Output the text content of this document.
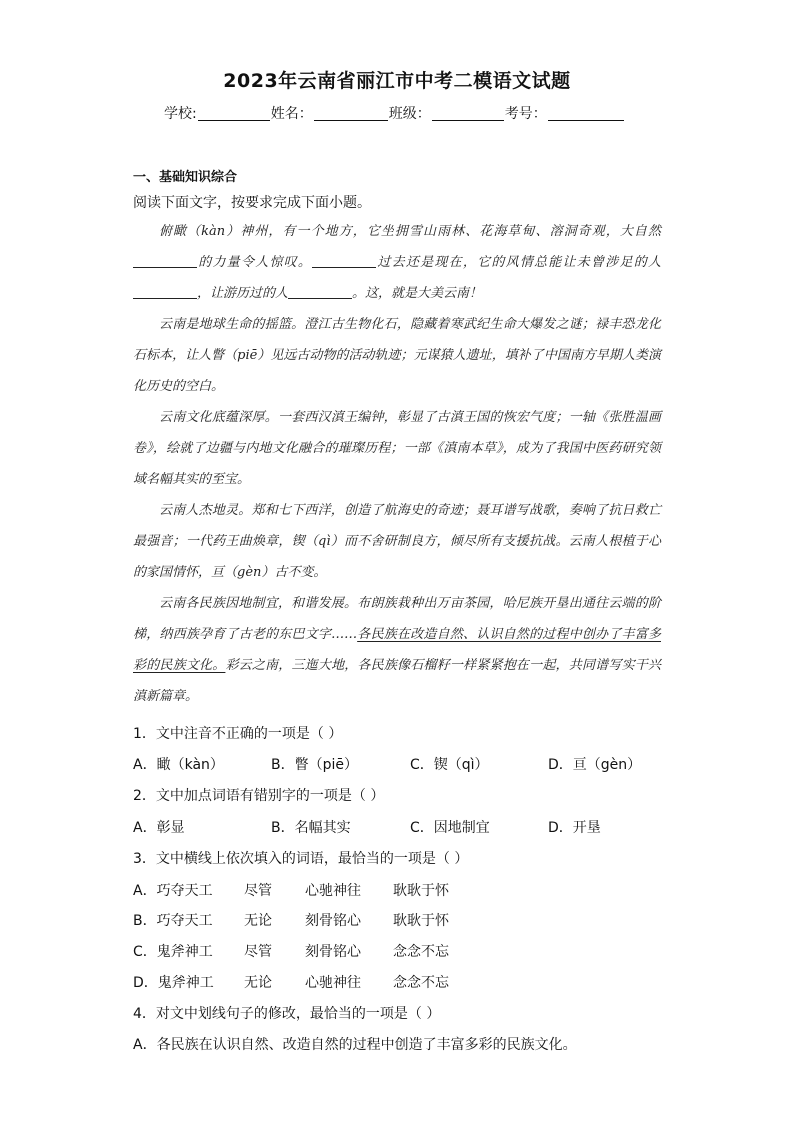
2023年云南省丽江市中考二模语文试题
学校:	姓名：	班级：	考号：
一、基础知识综合
阅读下面文字，按要求完成下面小题。

俯瞰（kàn）神州，有一个地方，它坐拥雪山雨林、花海草甸、溶洞奇观，大自然的力量令人惊叹。	过去还是现在，它的风情总能让未曾涉足的人，让游历过的人	。这，就是大美云南！

云南是地球生命的摇篮。澄江古生物化石，隐藏着寒武纪生命大爆发之谜；禄丰恐龙化石标本，让人瞥（piē）见远古动物的活动轨迹；元谋猿人遗址，填补了中国南方早期人类演化历史的空白。

云南文化底蕴深厚。一套西汉滇王编钟，彰显了古滇王国的恢宏气度；一轴《张胜温画卷》，绘就了边疆与内地文化融合的璀璨历程；一部《滇南本草》，成为了我国中医药研究领域名幅其实的至宝。

云南人杰地灵。郑和七下西洋，创造了航海史的奇迹；聂耳谱写战歌，奏响了抗日救亡最强音；一代药王曲焕章，锲（qì）而不舍研制良方，倾尽所有支援抗战。云南人根植于心的家国情怀，亘（gèn）古不变。

云南各民族因地制宜，和谐发展。布朗族栽种出万亩茶园，哈尼族开垦出通往云端的阶梯，纳西族孕育了古老的东巴文字……各民族在改造自然、认识自然的过程中创办了丰富多彩的民族文化。彩云之南，三迤大地，各民族像石榴籽一样紧紧抱在一起，共同谱写实干兴滇新篇章。

1．文中注音不正确的一项是（ ）
A．瞰（kàn）	B．瞥（piē）	C．锲（qì）	D．亘（gèn）
2．文中加点词语有错别字的一项是（ ）
A．彰显	B．名幅其实	C．因地制宜	D．开垦
3．文中横线上依次填入的词语，最恰当的一项是（ ）
A．巧夺天工 尽管 心驰神往 耿耿于怀
B．巧夺天工 无论 刻骨铭心 耿耿于怀
C．鬼斧神工 尽管 刻骨铭心 念念不忘
D．鬼斧神工 无论 心驰神往 念念不忘
4．对文中划线句子的修改，最恰当的一项是（ ）
A．各民族在认识自然、改造自然的过程中创造了丰富多彩的民族文化。
